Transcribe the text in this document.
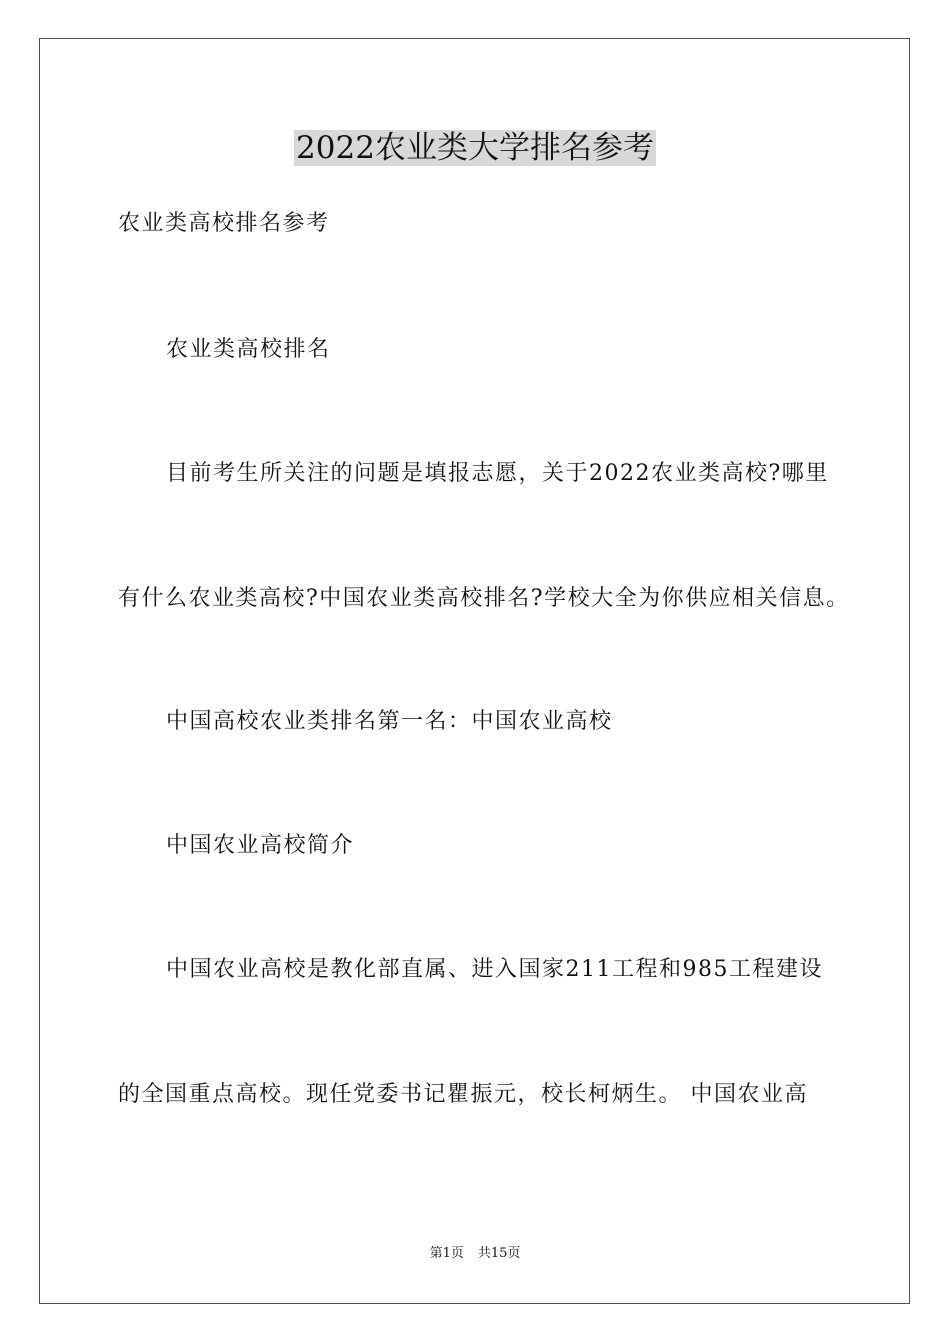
2022农业类大学排名参考
农业类高校排名参考
农业类高校排名
目前考生所关注的问题是填报志愿，关于2022农业类高校?哪里
有什么农业类高校?中国农业类高校排名?学校大全为你供应相关信息。
中国高校农业类排名第一名：中国农业高校
中国农业高校简介
中国农业高校是教化部直属、进入国家211工程和985工程建设
的全国重点高校。现任党委书记瞿振元，校长柯炳生。 中国农业高
第1页 共15页
